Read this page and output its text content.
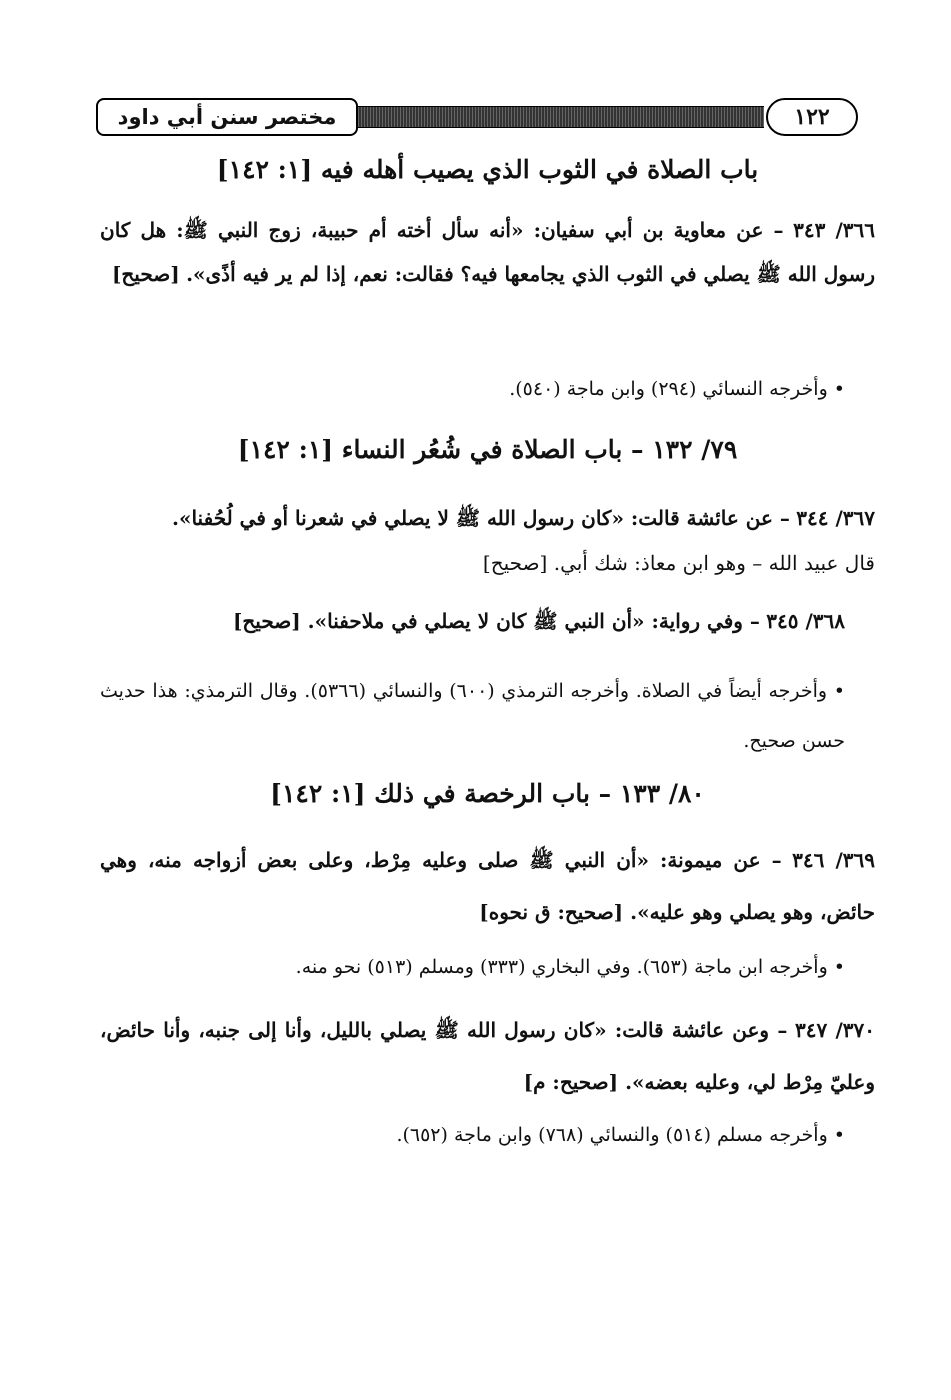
مختصر سنن أبي داود	١٢٢
باب الصلاة في الثوب الذي يصيب أهله فيه [١: ١٤٢]
٣٦٦/ ٣٤٣ – عن معاوية بن أبي سفيان: «أنه سأل أخته أم حبيبة، زوج النبي ﷺ: هل كان رسول الله ﷺ يصلي في الثوب الذي يجامعها فيه؟ فقالت: نعم، إذا لم ير فيه أذًى». [صحيح]
• وأخرجه النسائي (٢٩٤) وابن ماجة (٥٤٠).
٧٩/ ١٣٢ – باب الصلاة في شُعُر النساء [١: ١٤٢]
٣٦٧/ ٣٤٤ – عن عائشة قالت: «كان رسول الله ﷺ لا يصلي في شعرنا أو في لُحُفنا».
قال عبيد الله – وهو ابن معاذ: شك أبي. [صحيح]
٣٦٨/ ٣٤٥ – وفي رواية: «أن النبي ﷺ كان لا يصلي في ملاحفنا». [صحيح]
• وأخرجه أيضاً في الصلاة. وأخرجه الترمذي (٦٠٠) والنسائي (٥٣٦٦). وقال الترمذي: هذا حديث حسن صحيح.
٨٠/ ١٣٣ – باب الرخصة في ذلك [١: ١٤٢]
٣٦٩/ ٣٤٦ – عن ميمونة: «أن النبي ﷺ صلى وعليه مِرْط، وعلى بعض أزواجه منه، وهي حائض، وهو يصلي وهو عليه». [صحيح: ق نحوه]
• وأخرجه ابن ماجة (٦٥٣). وفي البخاري (٣٣٣) ومسلم (٥١٣) نحو منه.
٣٧٠/ ٣٤٧ – وعن عائشة قالت: «كان رسول الله ﷺ يصلي بالليل، وأنا إلى جنبه، وأنا حائض، وعليّ مِرْط لي، وعليه بعضه». [صحيح: م]
• وأخرجه مسلم (٥١٤) والنسائي (٧٦٨) وابن ماجة (٦٥٢).
